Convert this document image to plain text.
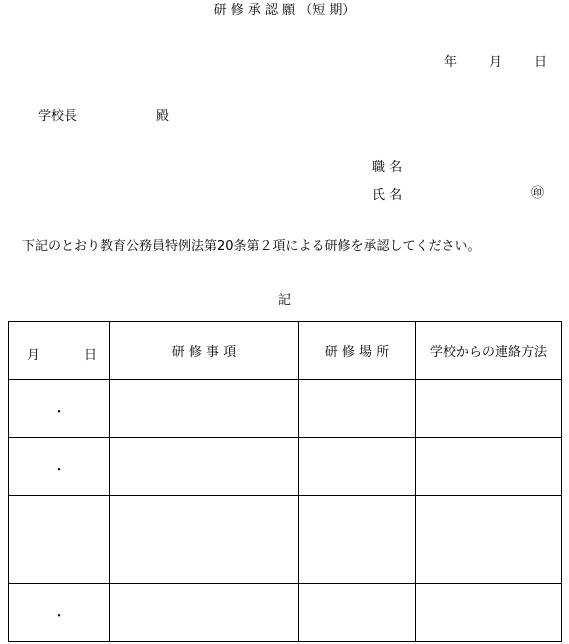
研 修 承 認 願 （短 期）
年 月 日
学校長	殿
職 名
氏 名	㊞
下記のとおり教育公務員特例法第20条第２項による研修を承認してください。
記
月 日	研 修 事 項	研 修 場 所	学校からの連絡方法
・			
・			

・			
